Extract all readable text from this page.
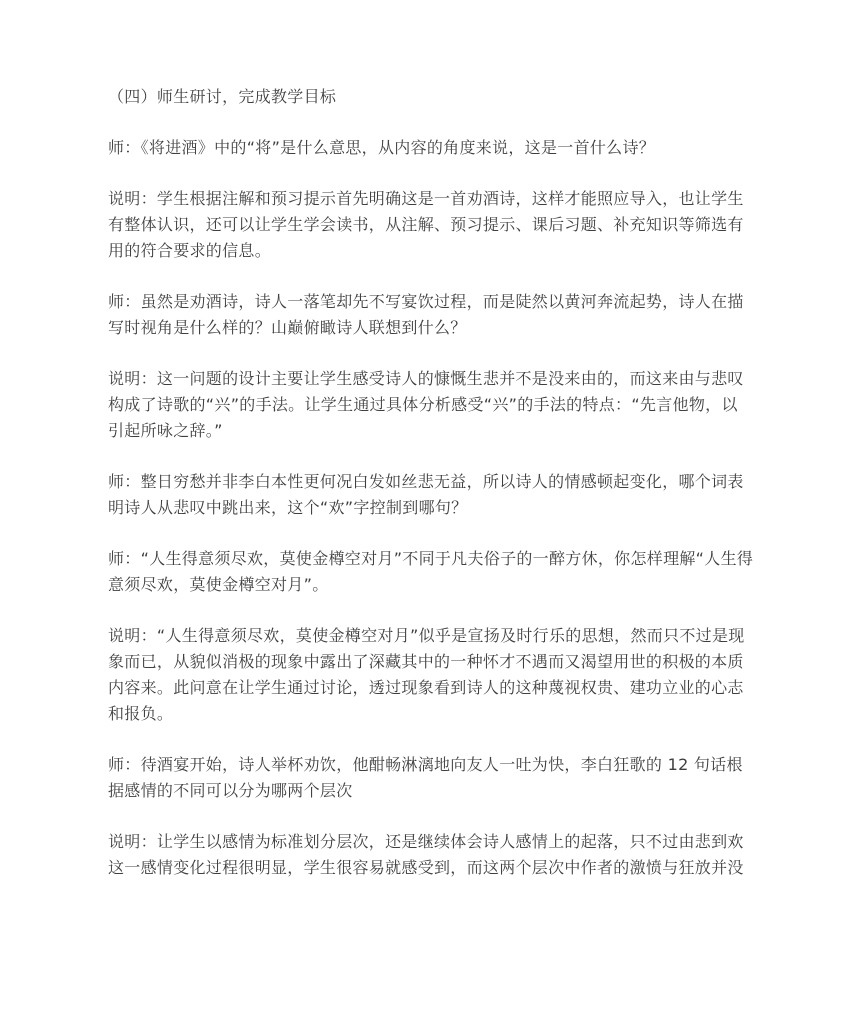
（四）师生研讨，完成教学目标

师：《将进酒》中的“将”是什么意思，从内容的角度来说，这是一首什么诗？

说明：学生根据注解和预习提示首先明确这是一首劝酒诗，这样才能照应导入，也让学生有整体认识，还可以让学生学会读书，从注解、预习提示、课后习题、补充知识等筛选有用的符合要求的信息。

师：虽然是劝酒诗，诗人一落笔却先不写宴饮过程，而是陡然以黄河奔流起势，诗人在描写时视角是什么样的？山巅俯瞰诗人联想到什么？

说明：这一问题的设计主要让学生感受诗人的慷慨生悲并不是没来由的，而这来由与悲叹构成了诗歌的“兴”的手法。让学生通过具体分析感受“兴”的手法的特点：“先言他物，以引起所咏之辞。”

师：整日穷愁并非李白本性更何况白发如丝悲无益，所以诗人的情感顿起变化，哪个词表明诗人从悲叹中跳出来，这个“欢”字控制到哪句？

师：“人生得意须尽欢，莫使金樽空对月”不同于凡夫俗子的一醉方休，你怎样理解“人生得意须尽欢，莫使金樽空对月”。

说明：“人生得意须尽欢，莫使金樽空对月”似乎是宣扬及时行乐的思想，然而只不过是现象而已，从貌似消极的现象中露出了深藏其中的一种怀才不遇而又渴望用世的积极的本质内容来。此问意在让学生通过讨论，透过现象看到诗人的这种蔑视权贵、建功立业的心志和报负。

师：待酒宴开始，诗人举杯劝饮，他酣畅淋漓地向友人一吐为快，李白狂歌的 12 句话根据感情的不同可以分为哪两个层次

说明：让学生以感情为标准划分层次，还是继续体会诗人感情上的起落，只不过由悲到欢这一感情变化过程很明显，学生很容易就感受到，而这两个层次中作者的激愤与狂放并没
